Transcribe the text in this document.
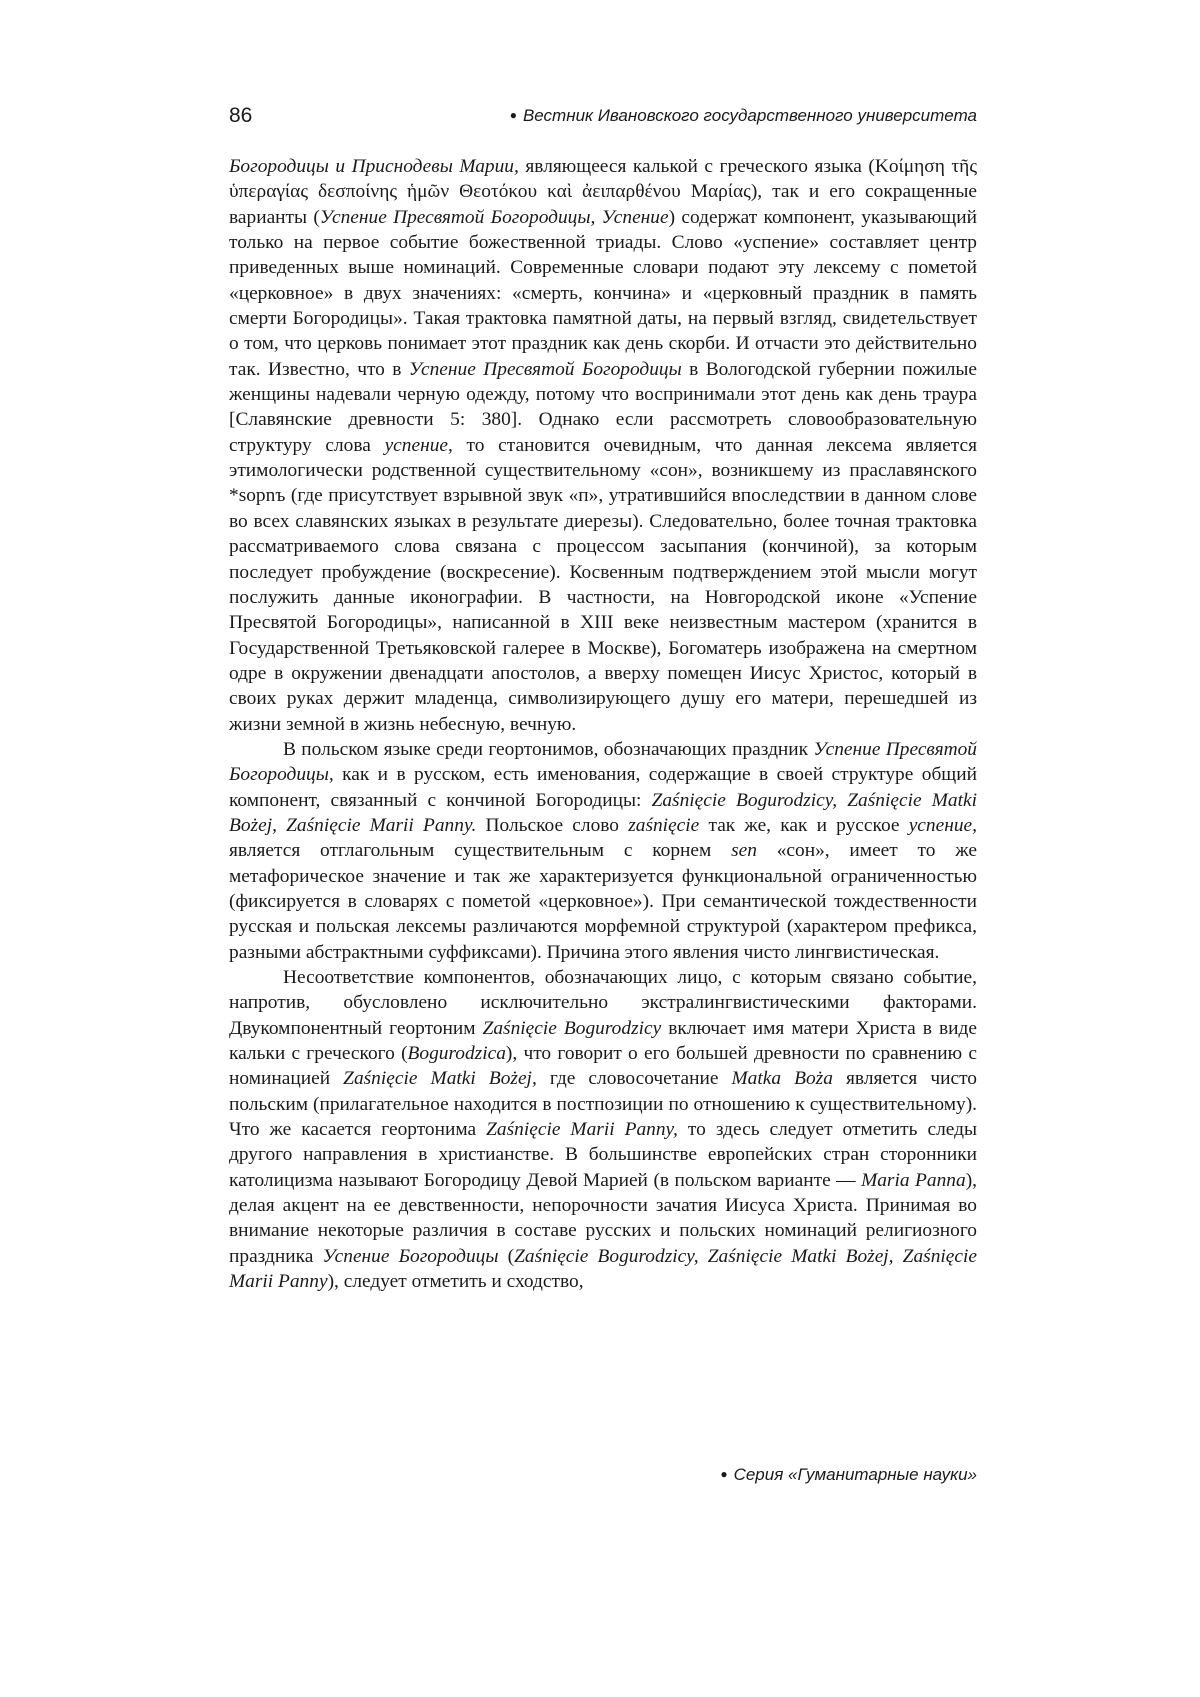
86	● Вестник Ивановского государственного университета

Богородицы и Приснодевы Марии, являющееся калькой с греческого языка (Κοίμηση τῆς ὑπεραγίας δεσποίνης ἡμῶν Θεοτόκου καὶ ἀειπαρθένου Μαρίας), так и его сокращенные варианты (Успение Пресвятой Богородицы, Успение) со­держат компонент, указывающий только на первое событие божественной триады. Слово «успение» составляет центр приведенных выше номинаций. Современные словари подают эту лексему с пометой «церковное» в двух зна­чениях: «смерть, кончина» и «церковный праздник в память смерти Богоро­дицы». Такая трактовка памятной даты, на первый взгляд, свидетельствует о том, что церковь понимает этот праздник как день скорби. И отчасти это дей­ствительно так. Известно, что в Успение Пресвятой Богородицы в Вологод­ской губернии пожилые женщины надевали черную одежду, потому что вос­принимали этот день как день траура [Славянские древности 5: 380]. Однако если рассмотреть словообразовательную структуру слова успение, то стано­вится очевидным, что данная лексема является этимологически родственной существительному «сон», возникшему из праславянского *sopnъ (где присут­ствует взрывной звук «п», утратившийся впоследствии в данном слове во всех славянских языках в результате диерезы). Следовательно, более точная трак­товка рассматриваемого слова связана с процессом засыпания (кончиной), за которым последует пробуждение (воскресение). Косвенным подтвержде­нием этой мысли могут послужить данные иконографии. В частности, на Нов­городской иконе «Успение Пресвятой Богородицы», написанной в XIII веке неизвестным мастером (хранится в Государственной Третьяковской галерее в Москве), Богоматерь изображена на смертном одре в окружении двенадцати апостолов, а вверху помещен Иисус Христос, который в своих руках держит младенца, символизирующего душу его матери, перешедшей из жизни земной в жизнь небесную, вечную.

В польском языке среди геортонимов, обозначающих праздник Успение Пресвятой Богородицы, как и в русском, есть именования, содержащие в своей структуре общий компонент, связанный с кончиной Богородицы: Zaśnięcie Bogurodzicy, Zaśnięcie Matki Bożej, Zaśnięcie Marii Panny. Польское слово zaśnięcie так же, как и русское успение, является отглагольным существитель­ным с корнем sen «сон», имеет то же метафорическое значение и так же харак­теризуется функциональной ограниченностью (фиксируется в словарях с по­метой «церковное»). При семантической тождественности русская и польская лексемы различаются морфемной структурой (характером префикса, разными абстрактными суффиксами). Причина этого явления чисто лингвистическая.

Несоответствие компонентов, обозначающих лицо, с которым связано событие, напротив, обусловлено исключительно экстралингвистическими факторами. Двукомпонентный геортоним Zaśnięcie Bogurodzicy включает имя матери Христа в виде кальки с греческого (Bogurodzica), что говорит о его большей древности по сравнению с номинацией Zaśnięcie Matki Bożej, где сло­восочетание Matka Boża является чисто польским (прилагательное находится в постпозиции по отношению к существительному). Что же касается георто­нима Zaśnięcie Marii Panny, то здесь следует отметить следы другого направ­ления в христианстве. В большинстве европейских стран сторонники католи­цизма называют Богородицу Девой Марией (в польском варианте — Maria Panna), делая акцент на ее девственности, непорочности зачатия Иисуса Хри­ста. Принимая во внимание некоторые различия в составе русских и польских номинаций религиозного праздника Успение Богородицы (Zaśnięcie Bogurodzicy, Zaśnięcie Matki Bożej, Zaśnięcie Marii Panny), следует отметить и сходство,

● Серия «Гуманитарные науки»
